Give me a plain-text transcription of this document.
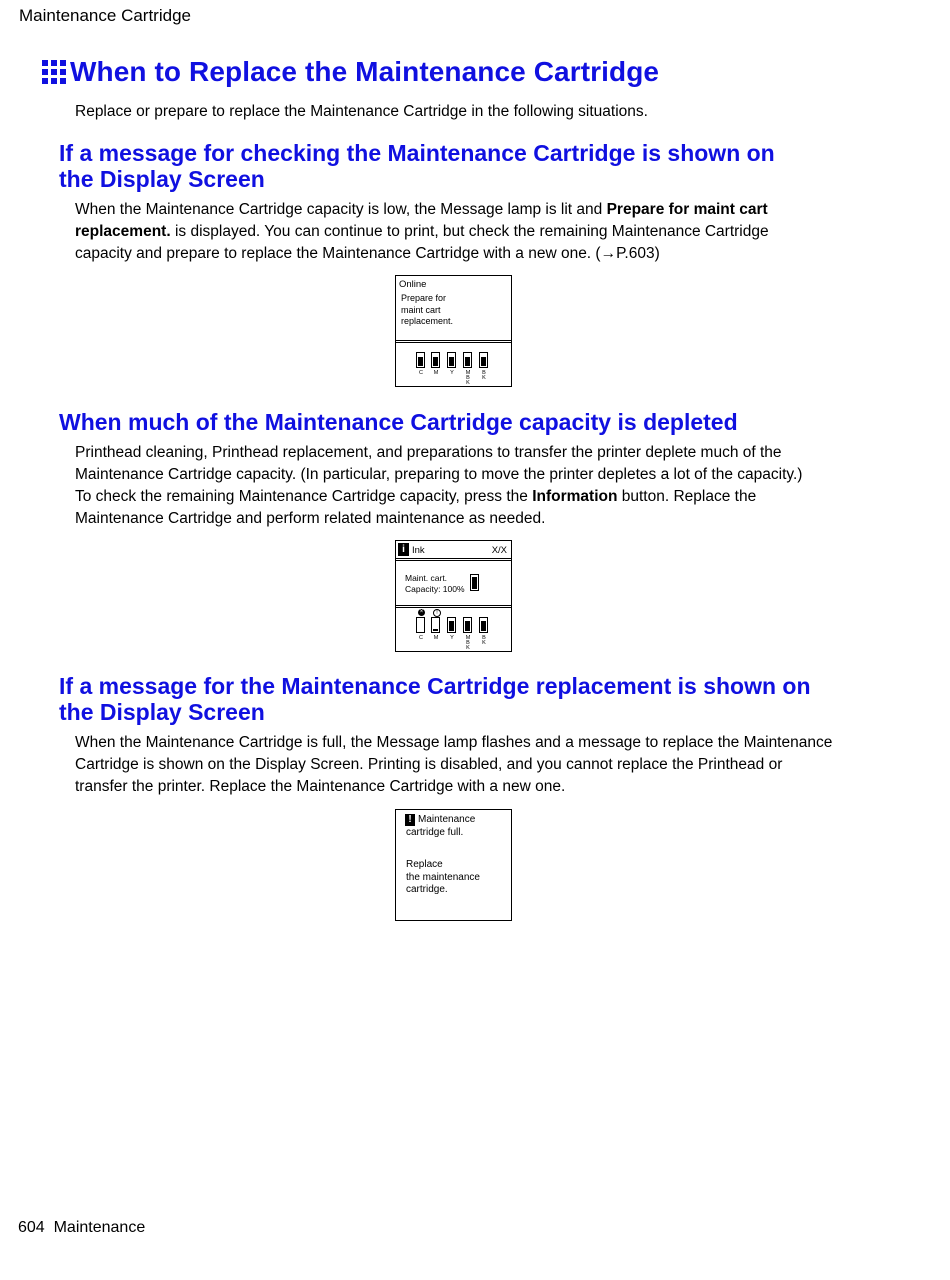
Maintenance Cartridge
When to Replace the Maintenance Cartridge
Replace or prepare to replace the Maintenance Cartridge in the following situations.
If a message for checking the Maintenance Cartridge is shown on
the Display Screen
When the Maintenance Cartridge capacity is low, the Message lamp is lit and Prepare for maint cart
replacement. is displayed. You can continue to print, but check the remaining Maintenance Cartridge
capacity and prepare to replace the Maintenance Cartridge with a new one. (→P.603)
Online
Prepare for
maint cart
replacement.
C	M	Y	M
B
K
B
K
When much of the Maintenance Cartridge capacity is depleted
Printhead cleaning, Printhead replacement, and preparations to transfer the printer deplete much of the
Maintenance Cartridge capacity. (In particular, preparing to move the printer depletes a lot of the capacity.)
To check the remaining Maintenance Cartridge capacity, press the Information button. Replace the
Maintenance Cartridge and perform related maintenance as needed.
i Ink	X/X
Maint. cart.
Capacity: 100%
×	!
C	M	Y	M
B
K
B
K
If a message for the Maintenance Cartridge replacement is shown on
the Display Screen
When the Maintenance Cartridge is full, the Message lamp flashes and a message to replace the Maintenance
Cartridge is shown on the Display Screen. Printing is disabled, and you cannot replace the Printhead or
transfer the printer. Replace the Maintenance Cartridge with a new one.
! Maintenance
cartridge full.
Replace
the maintenance
cartridge.
604 Maintenance
